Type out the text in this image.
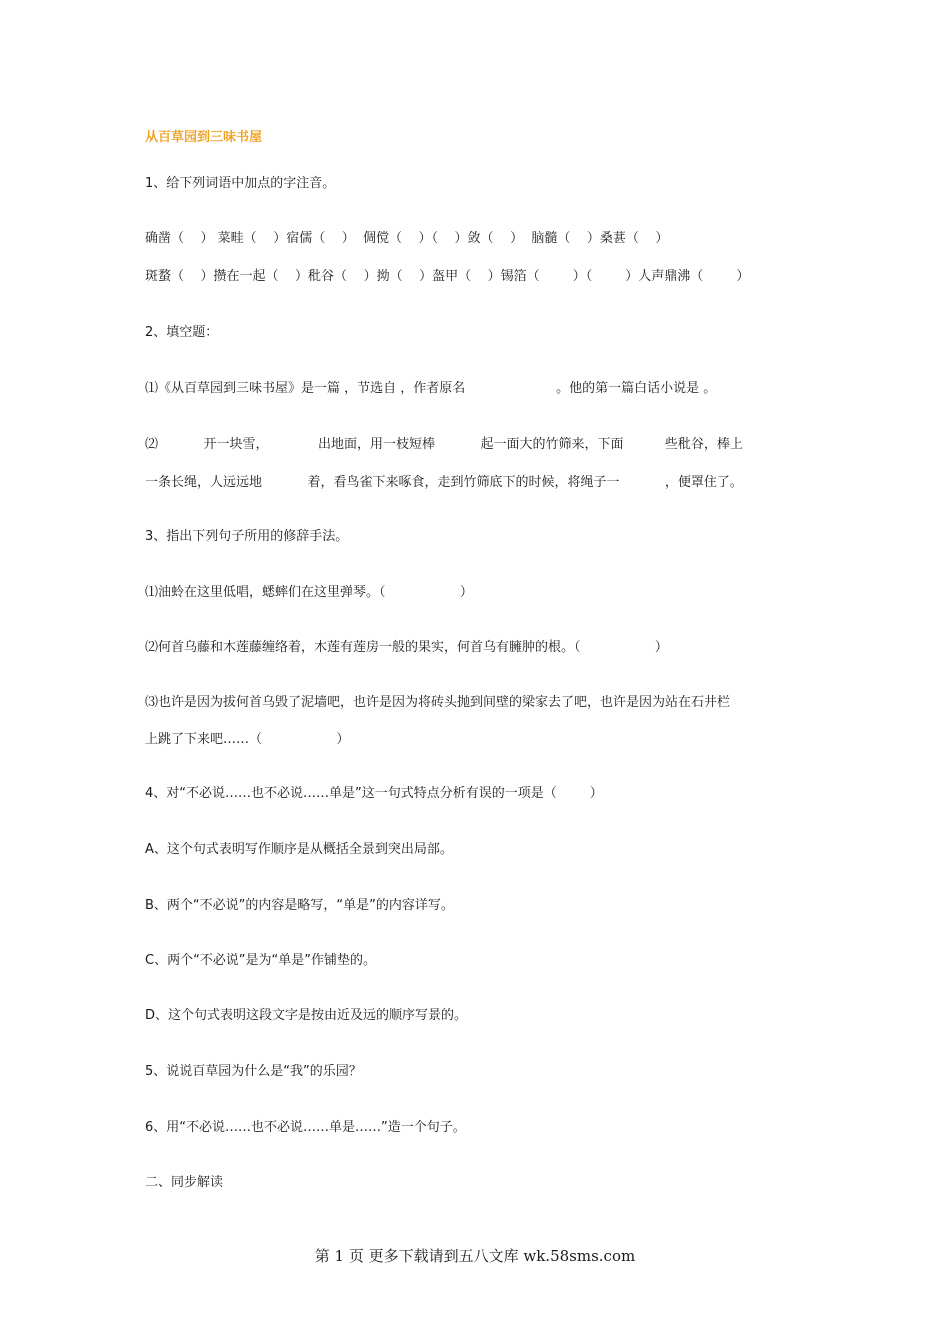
从百草园到三味书屋
1、给下列词语中加点的字注音。
确凿（    ） 菜畦（    ）宿儒（    ）  倜傥（    ）（    ）敛（    ）  脑髓（    ）桑葚（    ）
斑蝥（    ）攒在一起（    ）秕谷（    ）拗（    ）盔甲（    ）锡箔（        ）（        ）人声鼎沸（        ）
2、填空题：
⑴《从百草园到三味书屋》是一篇 ，节选自 ，作者原名                      。他的第一篇白话小说是 。
⑵           开一块雪，            出地面，用一枝短棒           起一面大的竹筛来，下面          些秕谷，棒上
一条长绳，人远远地           着，看鸟雀下来啄食，走到竹筛底下的时候，将绳子一           ，便罩住了。
3、指出下列句子所用的修辞手法。
⑴油蛉在这里低唱，蟋蟀们在这里弹琴。（                  ）
⑵何首乌藤和木莲藤缠络着，木莲有莲房一般的果实，何首乌有臃肿的根。（                  ）
⑶也许是因为拔何首乌毁了泥墙吧，也许是因为将砖头抛到间壁的梁家去了吧，也许是因为站在石井栏
上跳了下来吧……（                  ）
4、对“不必说……也不必说……单是”这一句式特点分析有误的一项是（        ）
A、这个句式表明写作顺序是从概括全景到突出局部。
B、两个“不必说”的内容是略写，“单是”的内容详写。
C、两个“不必说”是为“单是”作铺垫的。
D、这个句式表明这段文字是按由近及远的顺序写景的。
5、说说百草园为什么是“我”的乐园？
6、用“不必说……也不必说……单是……”造一个句子。
二、同步解读
第 1 页 更多下载请到五八文库 wk.58sms.com
